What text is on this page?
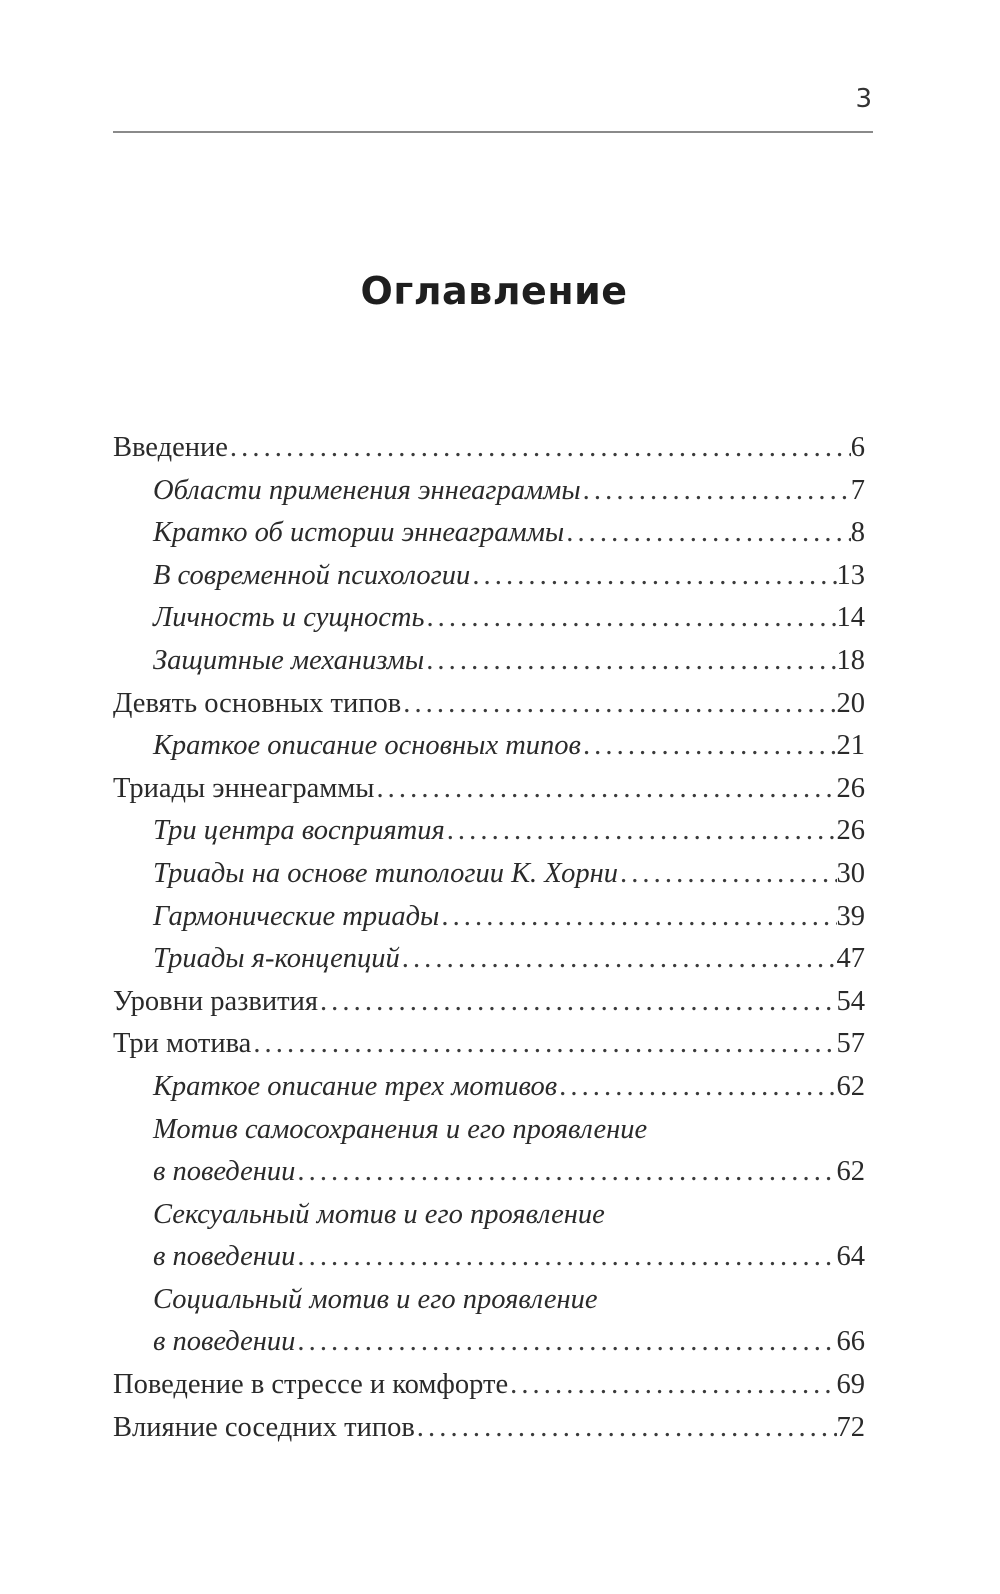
3
Оглавление
Введение .....	6
Области применения эннеаграммы .....	7
Кратко об истории эннеаграммы .....	8
В современной психологии .....	13
Личность и сущность .....	14
Защитные механизмы .....	18
Девять основных типов .....	20
Краткое описание основных типов .....	21
Триады эннеаграммы .....	26
Три центра восприятия .....	26
Триады на основе типологии К. Хорни .....	30
Гармонические триады .....	39
Триады я-концепций .....	47
Уровни развития .....	54
Три мотива .....	57
Краткое описание трех мотивов .....	62
Мотив самосохранения и его проявление
в поведении .....	62
Сексуальный мотив и его проявление
в поведении .....	64
Социальный мотив и его проявление
в поведении .....	66
Поведение в стрессе и комфорте .....	69
Влияние соседних типов .....	72
